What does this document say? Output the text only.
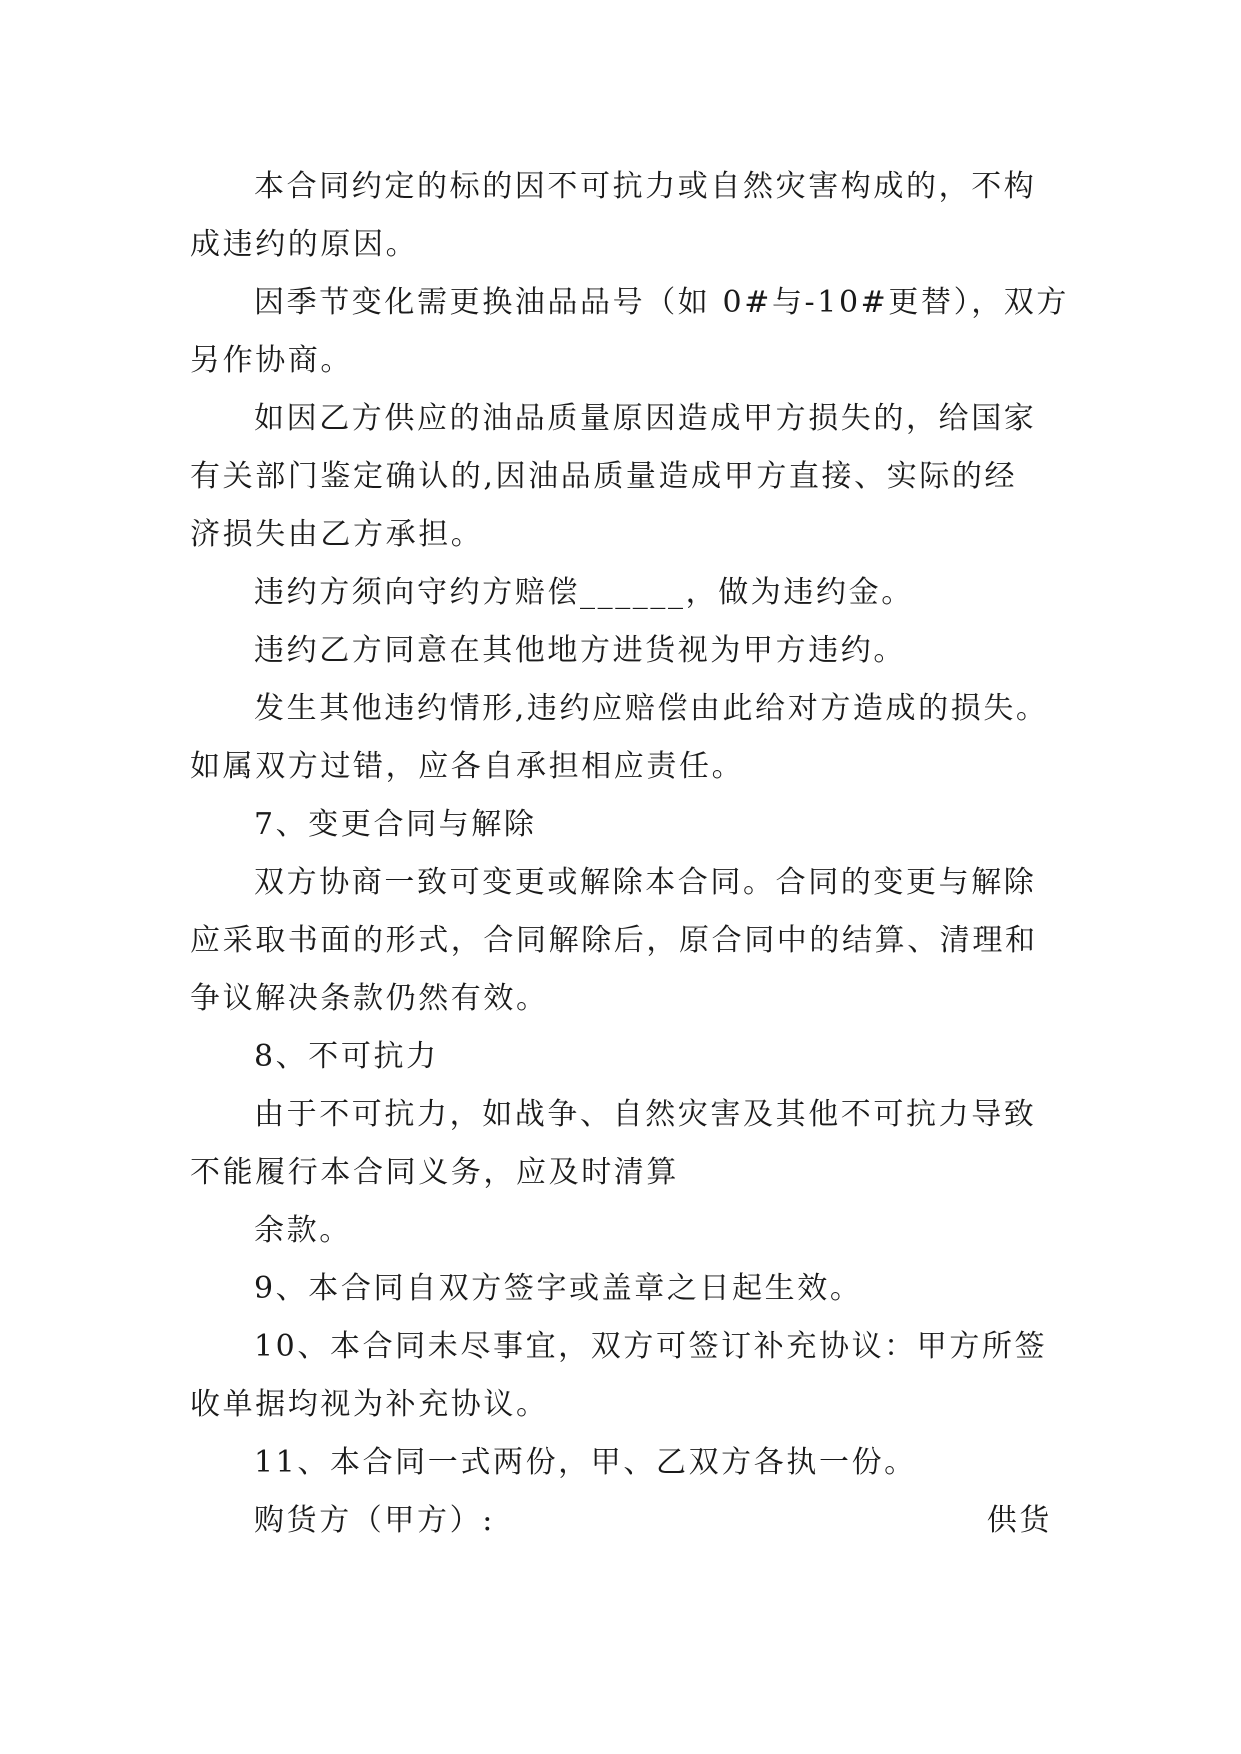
本合同约定的标的因不可抗力或自然灾害构成的，不构
成违约的原因。
因季节变化需更换油品品号（如 0#与-10#更替），双方
另作协商。
如因乙方供应的油品质量原因造成甲方损失的，给国家
有关部门鉴定确认的,因油品质量造成甲方直接、实际的经
济损失由乙方承担。
违约方须向守约方赔偿______，做为违约金。
违约乙方同意在其他地方进货视为甲方违约。
发生其他违约情形,违约应赔偿由此给对方造成的损失。
如属双方过错，应各自承担相应责任。
7、变更合同与解除
双方协商一致可变更或解除本合同。合同的变更与解除
应采取书面的形式，合同解除后，原合同中的结算、清理和
争议解决条款仍然有效。
8、不可抗力
由于不可抗力，如战争、自然灾害及其他不可抗力导致
不能履行本合同义务，应及时清算
余款。
9、本合同自双方签字或盖章之日起生效。
10、本合同未尽事宜，双方可签订补充协议：甲方所签
收单据均视为补充协议。
11、本合同一式两份，甲、乙双方各执一份。
购货方（甲方）:	供货
